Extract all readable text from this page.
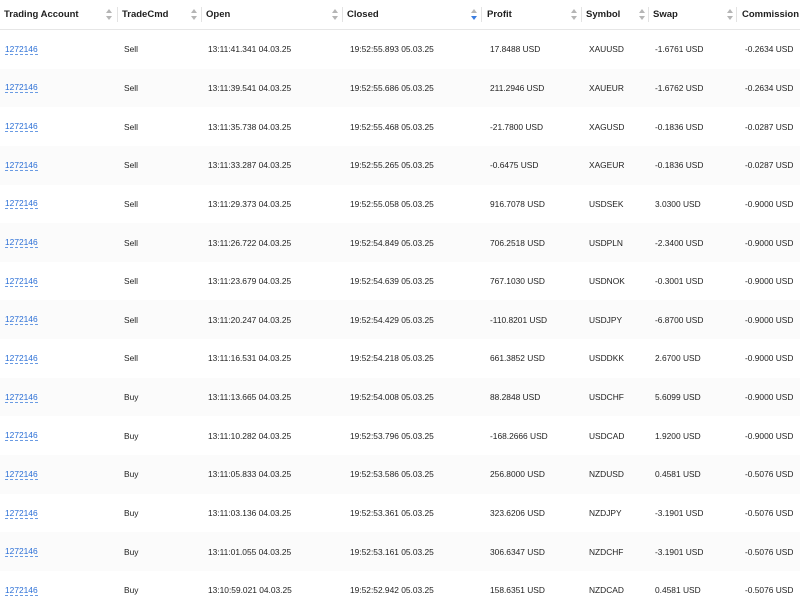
Trading Account	TradeCmd	Open	Closed	Profit	Symbol	Swap	Commission
1272146	Sell	13:11:41.341 04.03.25	19:52:55.893 05.03.25	17.8488 USD	XAUUSD	-1.6761 USD	-0.2634 USD
1272146	Sell	13:11:39.541 04.03.25	19:52:55.686 05.03.25	211.2946 USD	XAUEUR	-1.6762 USD	-0.2634 USD
1272146	Sell	13:11:35.738 04.03.25	19:52:55.468 05.03.25	-21.7800 USD	XAGUSD	-0.1836 USD	-0.0287 USD
1272146	Sell	13:11:33.287 04.03.25	19:52:55.265 05.03.25	-0.6475 USD	XAGEUR	-0.1836 USD	-0.0287 USD
1272146	Sell	13:11:29.373 04.03.25	19:52:55.058 05.03.25	916.7078 USD	USDSEK	3.0300 USD	-0.9000 USD
1272146	Sell	13:11:26.722 04.03.25	19:52:54.849 05.03.25	706.2518 USD	USDPLN	-2.3400 USD	-0.9000 USD
1272146	Sell	13:11:23.679 04.03.25	19:52:54.639 05.03.25	767.1030 USD	USDNOK	-0.3001 USD	-0.9000 USD
1272146	Sell	13:11:20.247 04.03.25	19:52:54.429 05.03.25	-110.8201 USD	USDJPY	-6.8700 USD	-0.9000 USD
1272146	Sell	13:11:16.531 04.03.25	19:52:54.218 05.03.25	661.3852 USD	USDDKK	2.6700 USD	-0.9000 USD
1272146	Buy	13:11:13.665 04.03.25	19:52:54.008 05.03.25	88.2848 USD	USDCHF	5.6099 USD	-0.9000 USD
1272146	Buy	13:11:10.282 04.03.25	19:52:53.796 05.03.25	-168.2666 USD	USDCAD	1.9200 USD	-0.9000 USD
1272146	Buy	13:11:05.833 04.03.25	19:52:53.586 05.03.25	256.8000 USD	NZDUSD	0.4581 USD	-0.5076 USD
1272146	Buy	13:11:03.136 04.03.25	19:52:53.361 05.03.25	323.6206 USD	NZDJPY	-3.1901 USD	-0.5076 USD
1272146	Buy	13:11:01.055 04.03.25	19:52:53.161 05.03.25	306.6347 USD	NZDCHF	-3.1901 USD	-0.5076 USD
1272146	Buy	13:10:59.021 04.03.25	19:52:52.942 05.03.25	158.6351 USD	NZDCAD	0.4581 USD	-0.5076 USD
